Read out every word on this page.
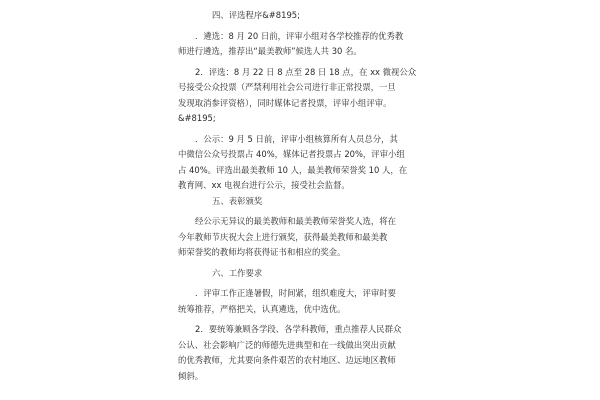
四、评选程序&#8195;
．遴选：8 月 20 日前，评审小组对各学校推荐的优秀教
师进行遴选，推荐出“最美教师”候选人共 30 名。
2．评选：8 月 22 日 8 点至 28 日 18 点，在 xx 微视公众
号接受公众投票（严禁利用社会公司进行非正常投票，一旦
发现取消参评资格），同时媒体记者投票，评审小组评审。
&#8195;
．公示：9 月 5 日前，评审小组核算所有人员总分，其
中微信公众号投票占 40%，媒体记者投票占 20%，评审小组
占 40%。评选出最美教师 10 人，最美教师荣誉奖 10 人，在
教育网、xx 电视台进行公示，接受社会监督。
五、表彰颁奖
经公示无异议的最美教师和最美教师荣誉奖人选，将在
今年教师节庆祝大会上进行颁奖，获得最美教师和最美教
师荣誉奖的教师均将获得证书和相应的奖金。
六、工作要求
．评审工作正逢暑假，时间紧，组织难度大，评审时要
统筹推荐，严格把关，认真遴选，优中选优。
2．要统筹兼顾各学段、各学科教师，重点推荐人民群众
公认、社会影响广泛的师德先进典型和在一线做出突出贡献
的优秀教师，尤其要向条件艰苦的农村地区、边远地区教师
倾斜。
